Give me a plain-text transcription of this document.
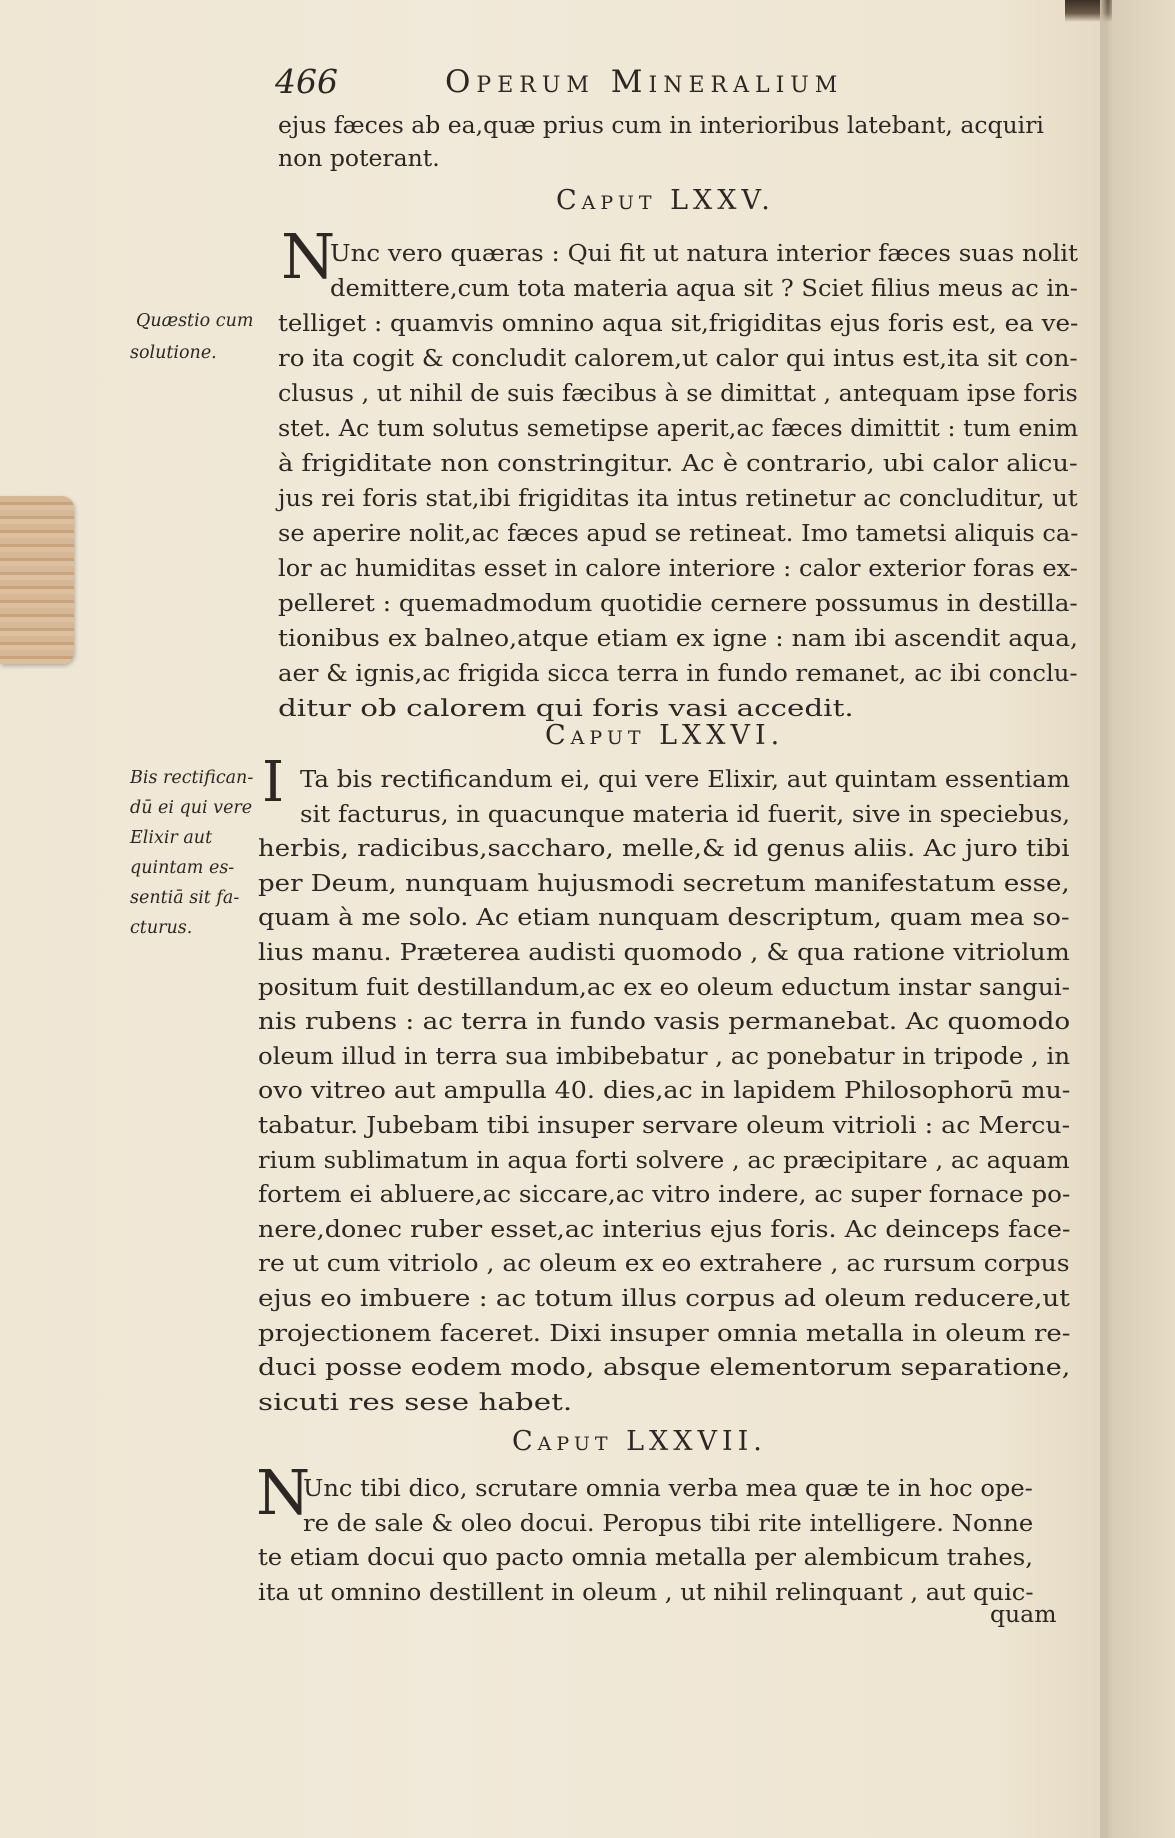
466	Operum Mineralium
ejus fæces ab ea,quæ prius cum in interioribus latebant, acquiri
non poterant.
Caput LXXV.
N
Unc vero quæras : Qui fit ut natura interior fæces suas nolit
demittere,cum tota materia aqua sit ? Sciet filius meus ac in-
telliget : quamvis omnino aqua sit,frigiditas ejus foris est, ea ve-
ro ita cogit & concludit calorem,ut calor qui intus est,ita sit con-
clusus , ut nihil de suis fæcibus à se dimittat , antequam ipse foris
stet. Ac tum solutus semetipse aperit,ac fæces dimittit : tum enim
à frigiditate non constringitur. Ac è contrario, ubi calor alicu-
jus rei foris stat,ibi frigiditas ita intus retinetur ac concluditur, ut
se aperire nolit,ac fæces apud se retineat. Imo tametsi aliquis ca-
lor ac humiditas esset in calore interiore : calor exterior foras ex-
pelleret : quemadmodum quotidie cernere possumus in destilla-
tionibus ex balneo,atque etiam ex igne : nam ibi ascendit aqua,
aer & ignis,ac frigida sicca terra in fundo remanet, ac ibi conclu-
ditur ob calorem qui foris vasi accedit.
Quæstio cum
solutione.
Caput LXXVI.
I Ta bis rectificandum ei, qui vere Elixir, aut quintam essentiam
sit facturus, in quacunque materia id fuerit, sive in speciebus,
herbis, radicibus,saccharo, melle,& id genus aliis. Ac juro tibi
per Deum, nunquam hujusmodi secretum manifestatum esse,
quam à me solo. Ac etiam nunquam descriptum, quam mea so-
lius manu. Præterea audisti quomodo , & qua ratione vitriolum
positum fuit destillandum,ac ex eo oleum eductum instar sangui-
nis rubens : ac terra in fundo vasis permanebat. Ac quomodo
oleum illud in terra sua imbibebatur , ac ponebatur in tripode , in
ovo vitreo aut ampulla 40. dies,ac in lapidem Philosophorū mu-
tabatur. Jubebam tibi insuper servare oleum vitrioli : ac Mercu-
rium sublimatum in aqua forti solvere , ac præcipitare , ac aquam
fortem ei abluere,ac siccare,ac vitro indere, ac super fornace po-
nere,donec ruber esset,ac interius ejus foris. Ac deinceps face-
re ut cum vitriolo , ac oleum ex eo extrahere , ac rursum corpus
ejus eo imbuere : ac totum illus corpus ad oleum reducere,ut
projectionem faceret. Dixi insuper omnia metalla in oleum re-
duci posse eodem modo, absque elementorum separatione,
sicuti res sese habet.
Bis rectifican-
dū ei qui vere
Elixir aut
quintam es-
sentiā sit fa-
cturus.
Caput LXXVII.
N
Unc tibi dico, scrutare omnia verba mea quæ te in hoc ope-
re de sale & oleo docui. Peropus tibi rite intelligere. Nonne
te etiam docui quo pacto omnia metalla per alembicum trahes,
ita ut omnino destillent in oleum , ut nihil relinquant , aut quic-
quam
